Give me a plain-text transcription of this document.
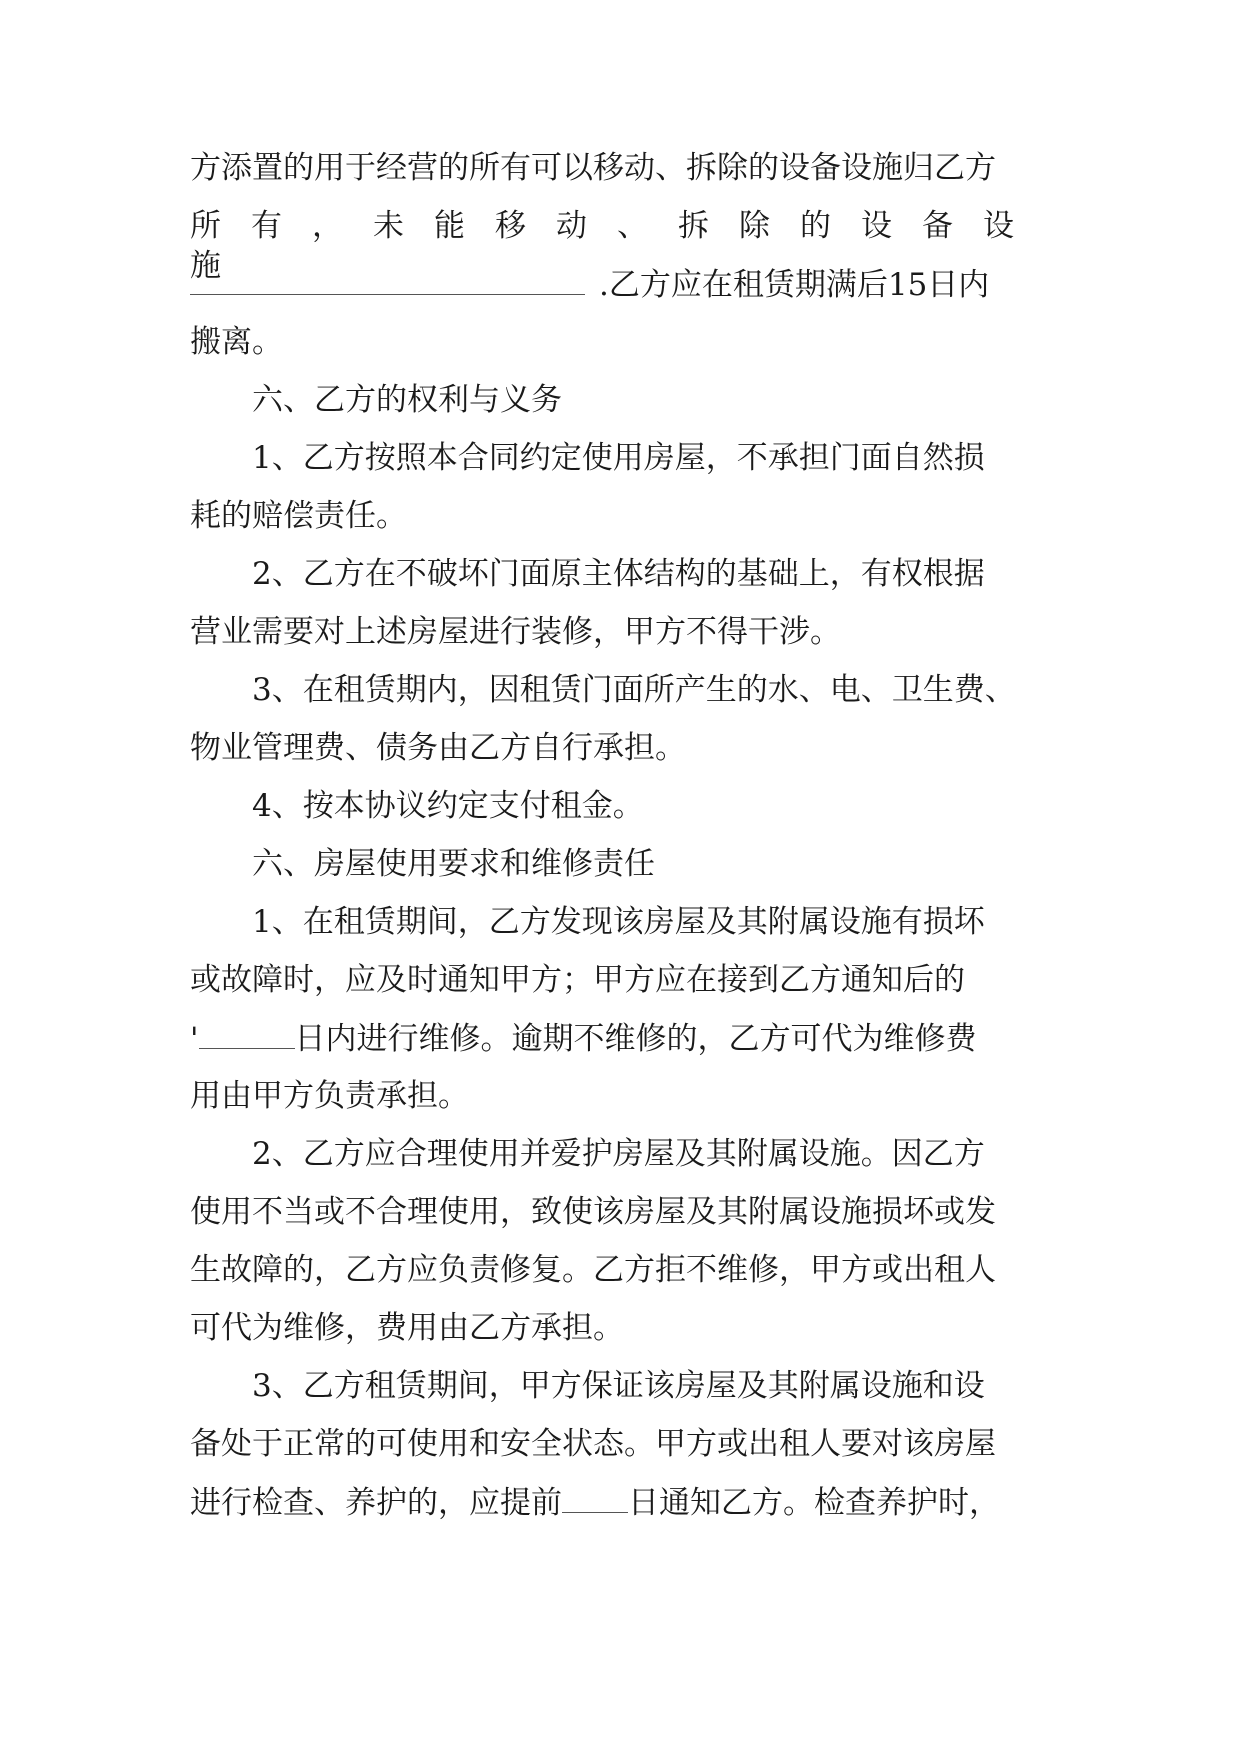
方添置的用于经营的所有可以移动、拆除的设备设施归乙方
所有，未能移动、拆除的设备设施
.乙方应在租赁期满后15日内
搬离。
六、乙方的权利与义务
1、乙方按照本合同约定使用房屋，不承担门面自然损
耗的赔偿责任。
2、乙方在不破坏门面原主体结构的基础上，有权根据
营业需要对上述房屋进行装修，甲方不得干涉。
3、在租赁期内，因租赁门面所产生的水、电、卫生费、
物业管理费、债务由乙方自行承担。
4、按本协议约定支付租金。
六、房屋使用要求和维修责任
1、在租赁期间，乙方发现该房屋及其附属设施有损坏
或故障时，应及时通知甲方；甲方应在接到乙方通知后的
'	日内进行维修。逾期不维修的，乙方可代为维修费
用由甲方负责承担。
2、乙方应合理使用并爱护房屋及其附属设施。因乙方
使用不当或不合理使用，致使该房屋及其附属设施损坏或发
生故障的，乙方应负责修复。乙方拒不维修，甲方或出租人
可代为维修，费用由乙方承担。
3、乙方租赁期间，甲方保证该房屋及其附属设施和设
备处于正常的可使用和安全状态。甲方或出租人要对该房屋
进行检查、养护的，应提前 日通知乙方。检查养护时，
